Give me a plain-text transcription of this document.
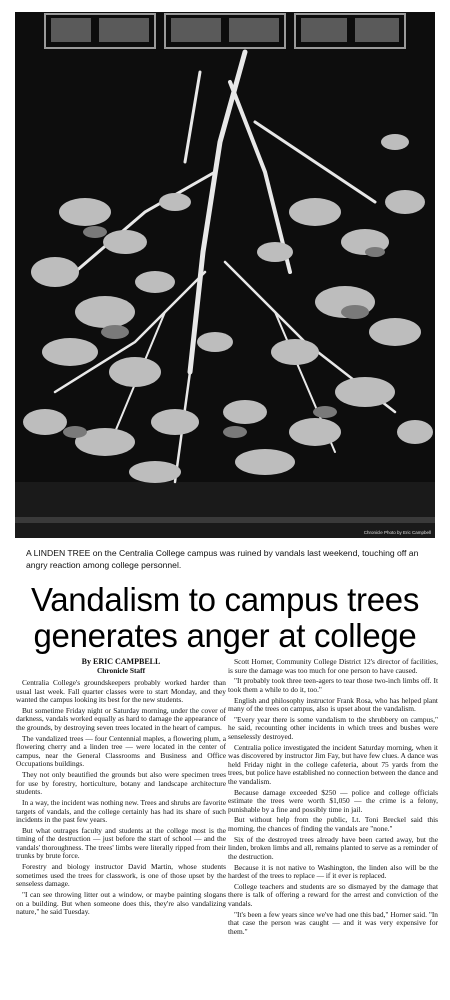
Chronicle Photo by Eric Campbell
A LINDEN TREE on the Centralia College campus was ruined by vandals last weekend, touching off an angry reaction among college personnel.
Vandalism to campus trees
generates anger at college
By ERIC CAMPBELL
Chronicle Staff

Centralia College's groundskeepers probably worked harder than usual last week. Fall quarter classes were to start Monday, and they wanted the campus looking its best for the new students.

But sometime Friday night or Saturday morning, under the cover of darkness, vandals worked equally as hard to damage the appearance of the grounds, by destroying seven trees located in the heart of campus.

The vandalized trees — four Centennial maples, a flowering plum, a flowering cherry and a linden tree — were located in the center of campus, near the General Classrooms and Business and Office Occupations buildings.

They not only beautified the grounds but also were specimen trees for use by forestry, horticulture, botany and landscape architecture students.

In a way, the incident was nothing new. Trees and shrubs are favorite targets of vandals, and the college certainly has had its share of such incidents in the past few years.

But what outrages faculty and students at the college most is the timing of the destruction — just before the start of school — and the vandals' thoroughness. The trees' limbs were literally ripped from their trunks by brute force.

Forestry and biology instructor David Martin, whose students sometimes used the trees for classwork, is one of those upset by the senseless damage.

"I can see throwing litter out a window, or maybe painting slogans on a building. But when someone does this, they're also vandalizing nature," he said Tuesday.

Scott Horner, Community College District 12's director of facilities, is sure the damage was too much for one person to have caused.

"It probably took three teen-agers to tear those two-inch limbs off. It took them a while to do it, too."

English and philosophy instructor Frank Rosa, who has helped plant many of the trees on campus, also is upset about the vandalism.

"Every year there is some vandalism to the shrubbery on campus," he said, recounting other incidents in which trees and bushes were senselessly destroyed.

Centralia police investigated the incident Saturday morning, when it was discovered by instructor Jim Fay, but have few clues. A dance was held Friday night in the college cafeteria, about 75 yards from the trees, but police have established no connection between the dance and the vandalism.

Because damage exceeded $250 — police and college officials estimate the trees were worth $1,050 — the crime is a felony, punishable by a fine and possibly time in jail.

But without help from the public, Lt. Toni Breckel said this morning, the chances of finding the vandals are "none."

Six of the destroyed trees already have been carted away, but the linden, broken limbs and all, remains planted to serve as a reminder of the destruction.

Because it is not native to Washington, the linden also will be the hardest of the trees to replace — if it ever is replaced.

College teachers and students are so dismayed by the damage that there is talk of offering a reward for the arrest and conviction of the vandals.

"It's been a few years since we've had one this bad," Horner said. "In that case the person was caught — and it was very expensive for them."
